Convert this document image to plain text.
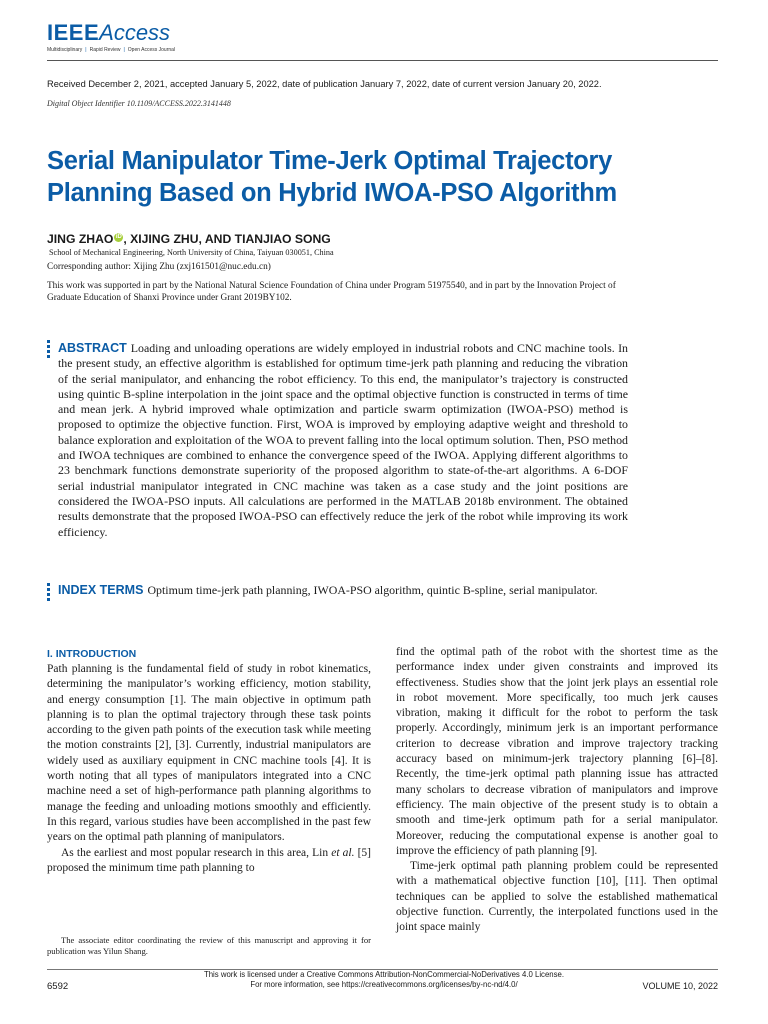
IEEEAccess
Multidisciplinary | Rapid Review | Open Access Journal
Received December 2, 2021, accepted January 5, 2022, date of publication January 7, 2022, date of current version January 20, 2022.
Digital Object Identifier 10.1109/ACCESS.2022.3141448
Serial Manipulator Time-Jerk Optimal Trajectory Planning Based on Hybrid IWOA-PSO Algorithm
JING ZHAO iD , XIJING ZHU, AND TIANJIAO SONG
School of Mechanical Engineering, North University of China, Taiyuan 030051, China
Corresponding author: Xijing Zhu (zxj161501@nuc.edu.cn)
This work was supported in part by the National Natural Science Foundation of China under Program 51975540, and in part by the Innovation Project of Graduate Education of Shanxi Province under Grant 2019BY102.
ABSTRACT Loading and unloading operations are widely employed in industrial robots and CNC machine tools. In the present study, an effective algorithm is established for optimum time-jerk path planning and reducing the vibration of the serial manipulator, and enhancing the robot efficiency. To this end, the manipulator’s trajectory is constructed using quintic B-spline interpolation in the joint space and the optimal objective function is constructed in terms of time and mean jerk. A hybrid improved whale optimization and particle swarm optimization (IWOA-PSO) method is proposed to optimize the objective function. First, WOA is improved by employing adaptive weight and threshold to balance exploration and exploitation of the WOA to prevent falling into the local optimum solution. Then, PSO method and IWOA techniques are combined to enhance the convergence speed of the IWOA. Applying different algorithms to 23 benchmark functions demonstrate superiority of the proposed algorithm to state-of-the-art algorithms. A 6-DOF serial industrial manipulator integrated in CNC machine was taken as a case study and the joint positions are considered the IWOA-PSO inputs. All calculations are performed in the MATLAB 2018b environment. The obtained results demonstrate that the proposed IWOA-PSO can effectively reduce the jerk of the robot while improving its work efficiency.
INDEX TERMS Optimum time-jerk path planning, IWOA-PSO algorithm, quintic B-spline, serial manipulator.
I. INTRODUCTION

Path planning is the fundamental field of study in robot kinematics, determining the manipulator’s working efficiency, motion stability, and energy consumption [1]. The main objective in optimum path planning is to plan the optimal trajectory through these task points according to the given path points of the execution task while meeting the motion constraints [2], [3]. Currently, industrial manipulators are widely used as auxiliary equipment in CNC machine tools [4]. It is worth noting that all types of manipulators integrated into a CNC machine need a set of high-performance path planning algorithms to manage the feeding and unloading motions smoothly and efficiently. In this regard, various studies have been accomplished in the past few years on the optimal path planning of manipulators.

As the earliest and most popular research in this area, Lin et al. [5] proposed the minimum time path planning to

find the optimal path of the robot with the shortest time as the performance index under given constraints and improved its effectiveness. Studies show that the joint jerk plays an essential role in robot movement. More specifically, too much jerk causes vibration, making it difficult for the robot to perform the task properly. Accordingly, minimum jerk is an important performance criterion to decrease vibration and improve trajectory tracking accuracy based on minimum-jerk trajectory planning [6]–[8]. Recently, the time-jerk optimal path planning issue has attracted many scholars to decrease vibration of manipulators and improve efficiency. The main objective of the present study is to obtain a smooth and time-jerk optimum path for a serial manipulator. Moreover, reducing the computational expense is another goal to improve the efficiency of path planning [9].

Time-jerk optimal path planning problem could be represented with a mathematical objective function [10], [11]. Then optimal techniques can be applied to solve the established mathematical objective function. Currently, the interpolated functions used in the joint space mainly

The associate editor coordinating the review of this manuscript and approving it for publication was Yilun Shang.
This work is licensed under a Creative Commons Attribution-NonCommercial-NoDerivatives 4.0 License.
For more information, see https://creativecommons.org/licenses/by-nc-nd/4.0/
6592	VOLUME 10, 2022
